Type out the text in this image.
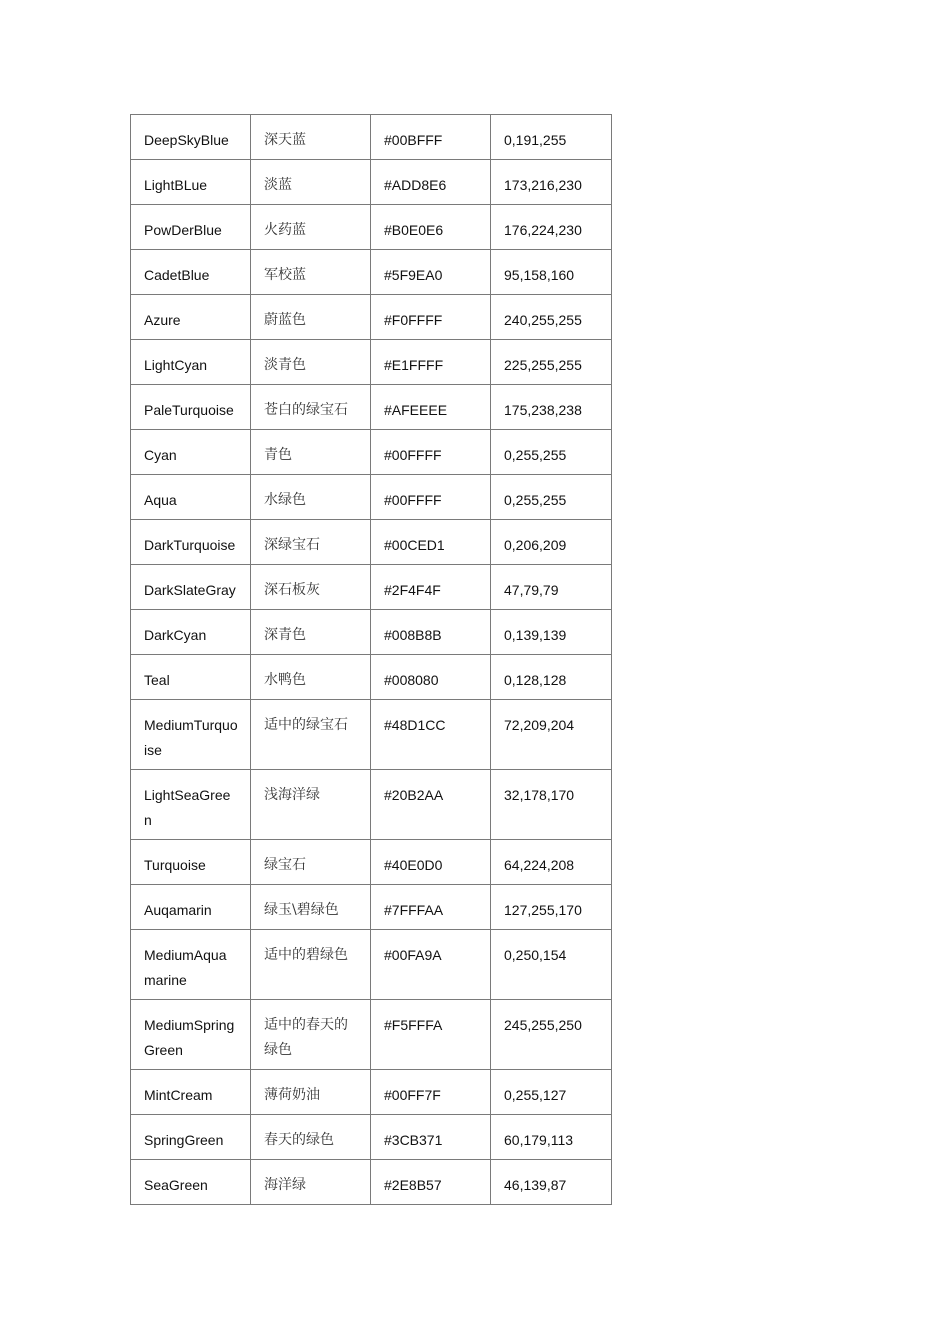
DeepSkyBlue	深天蓝	#00BFFF	0,191,255
LightBLue	淡蓝	#ADD8E6	173,216,230
PowDerBlue	火药蓝	#B0E0E6	176,224,230
CadetBlue	军校蓝	#5F9EA0	95,158,160
Azure	蔚蓝色	#F0FFFF	240,255,255
LightCyan	淡青色	#E1FFFF	225,255,255
PaleTurquoise	苍白的绿宝石	#AFEEEE	175,238,238
Cyan	青色	#00FFFF	0,255,255
Aqua	水绿色	#00FFFF	0,255,255
DarkTurquoise	深绿宝石	#00CED1	0,206,209
DarkSlateGray	深石板灰	#2F4F4F	47,79,79
DarkCyan	深青色	#008B8B	0,139,139
Teal	水鸭色	#008080	0,128,128
MediumTurquoise	适中的绿宝石	#48D1CC	72,209,204
LightSeaGreen	浅海洋绿	#20B2AA	32,178,170
Turquoise	绿宝石	#40E0D0	64,224,208
Auqamarin	绿玉\碧绿色	#7FFFAA	127,255,170
MediumAquamarine	适中的碧绿色	#00FA9A	0,250,154
MediumSpringGreen	适中的春天的绿色	#F5FFFA	245,255,250
MintCream	薄荷奶油	#00FF7F	0,255,127
SpringGreen	春天的绿色	#3CB371	60,179,113
SeaGreen	海洋绿	#2E8B57	46,139,87
